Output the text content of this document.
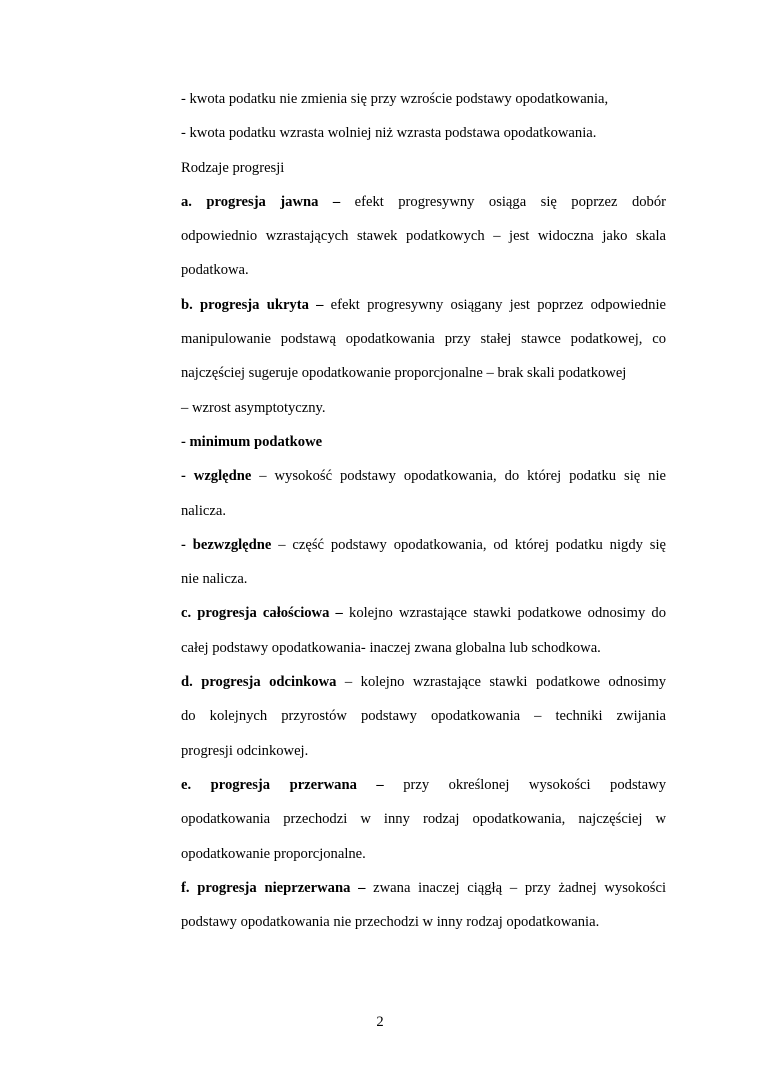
- kwota podatku nie zmienia się przy wzroście podstawy opodatkowania,
- kwota podatku wzrasta wolniej niż wzrasta podstawa opodatkowania.
Rodzaje progresji
a. progresja jawna – efekt progresywny osiąga się poprzez dobór
odpowiednio wzrastających stawek podatkowych – jest widoczna jako skala
podatkowa.
b. progresja ukryta – efekt progresywny osiągany jest poprzez odpowiednie
manipulowanie podstawą opodatkowania przy stałej stawce podatkowej, co
najczęściej sugeruje opodatkowanie proporcjonalne – brak skali podatkowej
– wzrost asymptotyczny.
- minimum podatkowe
- względne – wysokość podstawy opodatkowania, do której podatku się nie
nalicza.
- bezwzględne – część podstawy opodatkowania, od której podatku nigdy się
nie nalicza.
c. progresja całościowa – kolejno wzrastające stawki podatkowe odnosimy do
całej podstawy opodatkowania- inaczej zwana globalna lub schodkowa.
d. progresja odcinkowa – kolejno wzrastające stawki podatkowe odnosimy
do kolejnych przyrostów podstawy opodatkowania – techniki zwijania
progresji odcinkowej.
e. progresja przerwana – przy określonej wysokości podstawy
opodatkowania przechodzi w inny rodzaj opodatkowania, najczęściej w
opodatkowanie proporcjonalne.
f. progresja nieprzerwana – zwana inaczej ciągłą – przy żadnej wysokości
podstawy opodatkowania nie przechodzi w inny rodzaj opodatkowania.
2
